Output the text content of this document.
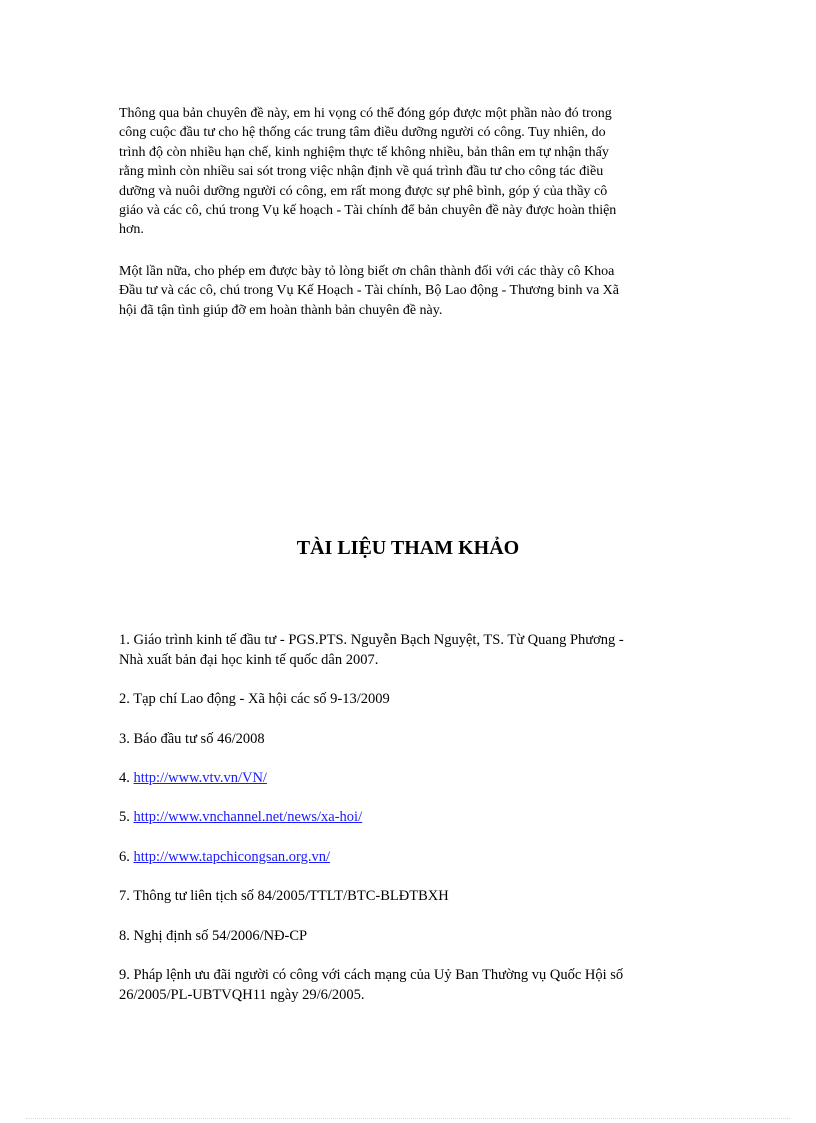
Thông qua bản chuyên đề này, em hi vọng có thể đóng góp được một phần nào đó trong
công cuộc đầu tư cho hệ thống các trung tâm điều dưỡng người có công. Tuy nhiên, do
trình độ còn nhiều hạn chế, kinh nghiệm thực tế không nhiều, bản thân em tự nhận thấy
rằng mình còn nhiều sai sót trong việc nhận định về quá trình đầu tư cho công tác điều
dưỡng và nuôi dưỡng người có công, em rất mong được sự phê bình, góp ý của thầy cô
giáo và các cô, chú trong Vụ kế hoạch - Tài chính để bản chuyên đề này được hoàn thiện
hơn.

Một lần nữa, cho phép em được bày tỏ lòng biết ơn chân thành đối với các thày cô Khoa
Đầu tư và các cô, chú trong Vụ Kế Hoạch - Tài chính, Bộ Lao động - Thương binh va Xã
hội đã tận tình giúp đỡ em hoàn thành bản chuyên đề này.

TÀI LIỆU THAM KHẢO

1. Giáo trình kinh tế đầu tư - PGS.PTS. Nguyễn Bạch Nguyệt, TS. Từ Quang Phương -
Nhà xuất bản đại học kinh tế quốc dân 2007.

2. Tạp chí Lao động - Xã hội các số 9-13/2009

3. Báo đầu tư số 46/2008

4. http://www.vtv.vn/VN/

5. http://www.vnchannel.net/news/xa-hoi/

6. http://www.tapchicongsan.org.vn/

7. Thông tư liên tịch số 84/2005/TTLT/BTC-BLĐTBXH

8. Nghị định số 54/2006/NĐ-CP

9. Pháp lệnh ưu đãi người có công với cách mạng của Uỷ Ban Thường vụ Quốc Hội số
26/2005/PL-UBTVQH11 ngày 29/6/2005.
